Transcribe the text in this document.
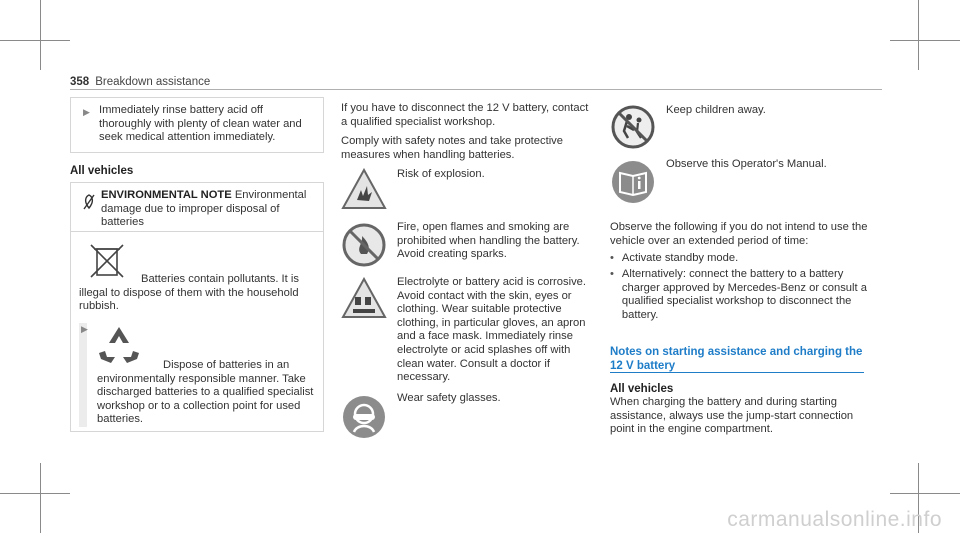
358 Breakdown assistance
▶ Immediately rinse battery acid off thoroughly with plenty of clean water and seek medical attention immediately.
All vehicles
ENVIRONMENTAL NOTE Environmental damage due to improper disposal of batteries
Batteries contain pollutants. It is illegal to dispose of them with the household rubbish.
▶
Dispose of batteries in an environmentally responsible manner. Take discharged batteries to a qualified specialist workshop or to a collection point for used batteries.
If you have to disconnect the 12 V battery, contact a qualified specialist workshop.
Comply with safety notes and take protective measures when handling batteries.
Risk of explosion.
Fire, open flames and smoking are prohibited when handling the battery. Avoid creating sparks.
Electrolyte or battery acid is corrosive. Avoid contact with the skin, eyes or clothing. Wear suitable protective clothing, in particular gloves, an apron and a face mask. Immediately rinse electrolyte or acid splashes off with clean water. Consult a doctor if necessary.
Wear safety glasses.
Keep children away.
Observe this Operator's Manual.
Observe the following if you do not intend to use the vehicle over an extended period of time:
• Activate standby mode.
• Alternatively: connect the battery to a battery charger approved by Mercedes-Benz or consult a qualified specialist workshop to disconnect the battery.
Notes on starting assistance and charging the 12 V battery
All vehicles
When charging the battery and during starting assistance, always use the jump-start connection point in the engine compartment.
carmanualsonline.info
